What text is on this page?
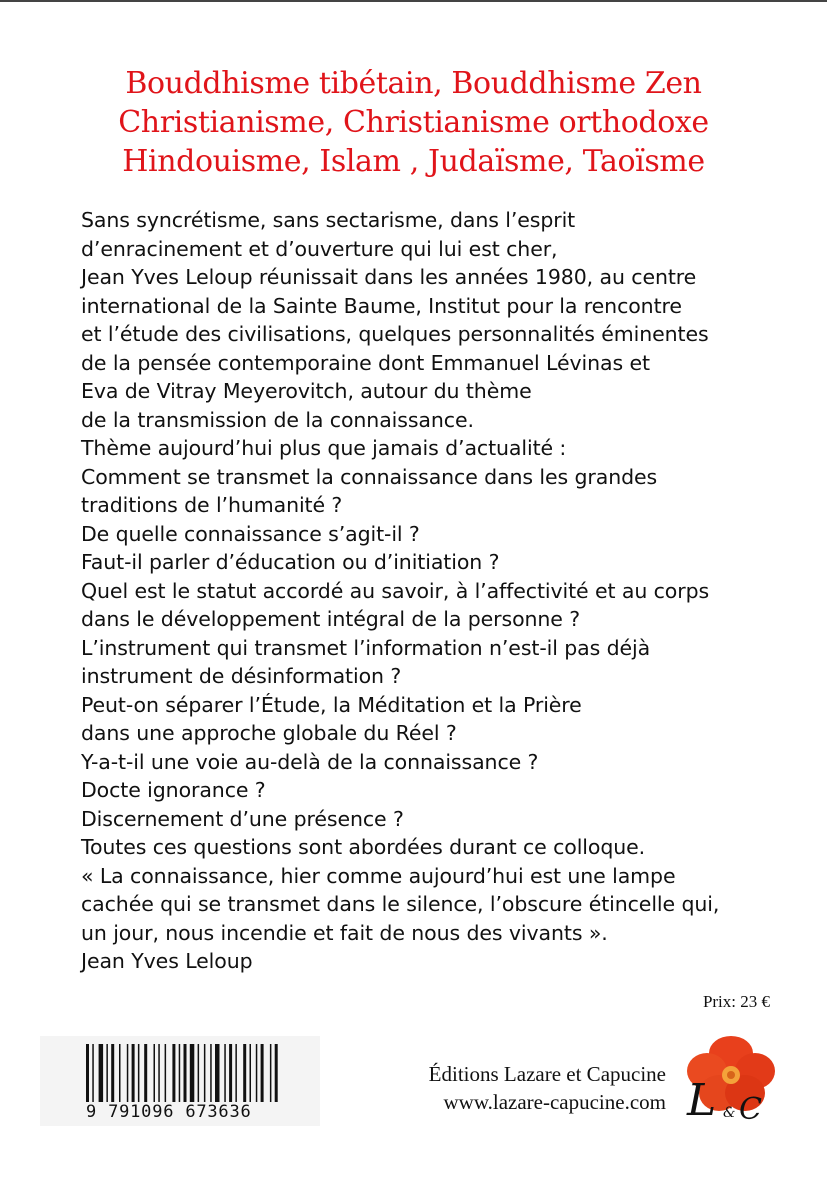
Bouddhisme tibétain, Bouddhisme Zen
Christianisme, Christianisme orthodoxe
Hindouisme, Islam , Judaïsme, Taoïsme
Sans syncrétisme, sans sectarisme, dans l’esprit
d’enracinement et d’ouverture qui lui est cher,
Jean Yves Leloup réunissait dans les années 1980, au centre
international de la Sainte Baume, Institut pour la rencontre
et l’étude des civilisations, quelques personnalités éminentes
de la pensée contemporaine dont Emmanuel Lévinas et
Eva de Vitray Meyerovitch, autour du thème
de la transmission de la connaissance.
Thème aujourd’hui plus que jamais d’actualité :
Comment se transmet la connaissance dans les grandes
traditions de l’humanité ?
De quelle connaissance s’agit-il ?
Faut-il parler d’éducation ou d’initiation ?
Quel est le statut accordé au savoir, à l’affectivité et au corps
dans le développement intégral de la personne ?
L’instrument qui transmet l’information n’est-il pas déjà
instrument de désinformation ?
Peut-on séparer l’Étude, la Méditation et la Prière
dans une approche globale du Réel ?
Y-a-t-il une voie au-delà de la connaissance ?
Docte ignorance ?
Discernement d’une présence ?
Toutes ces questions sont abordées durant ce colloque.
« La connaissance, hier comme aujourd’hui est une lampe
cachée qui se transmet dans le silence, l’obscure étincelle qui,
un jour, nous incendie et fait de nous des vivants ».
Jean Yves Leloup
Prix: 23 €
9 791096 673636
Éditions Lazare et Capucine
www.lazare-capucine.com L & C
